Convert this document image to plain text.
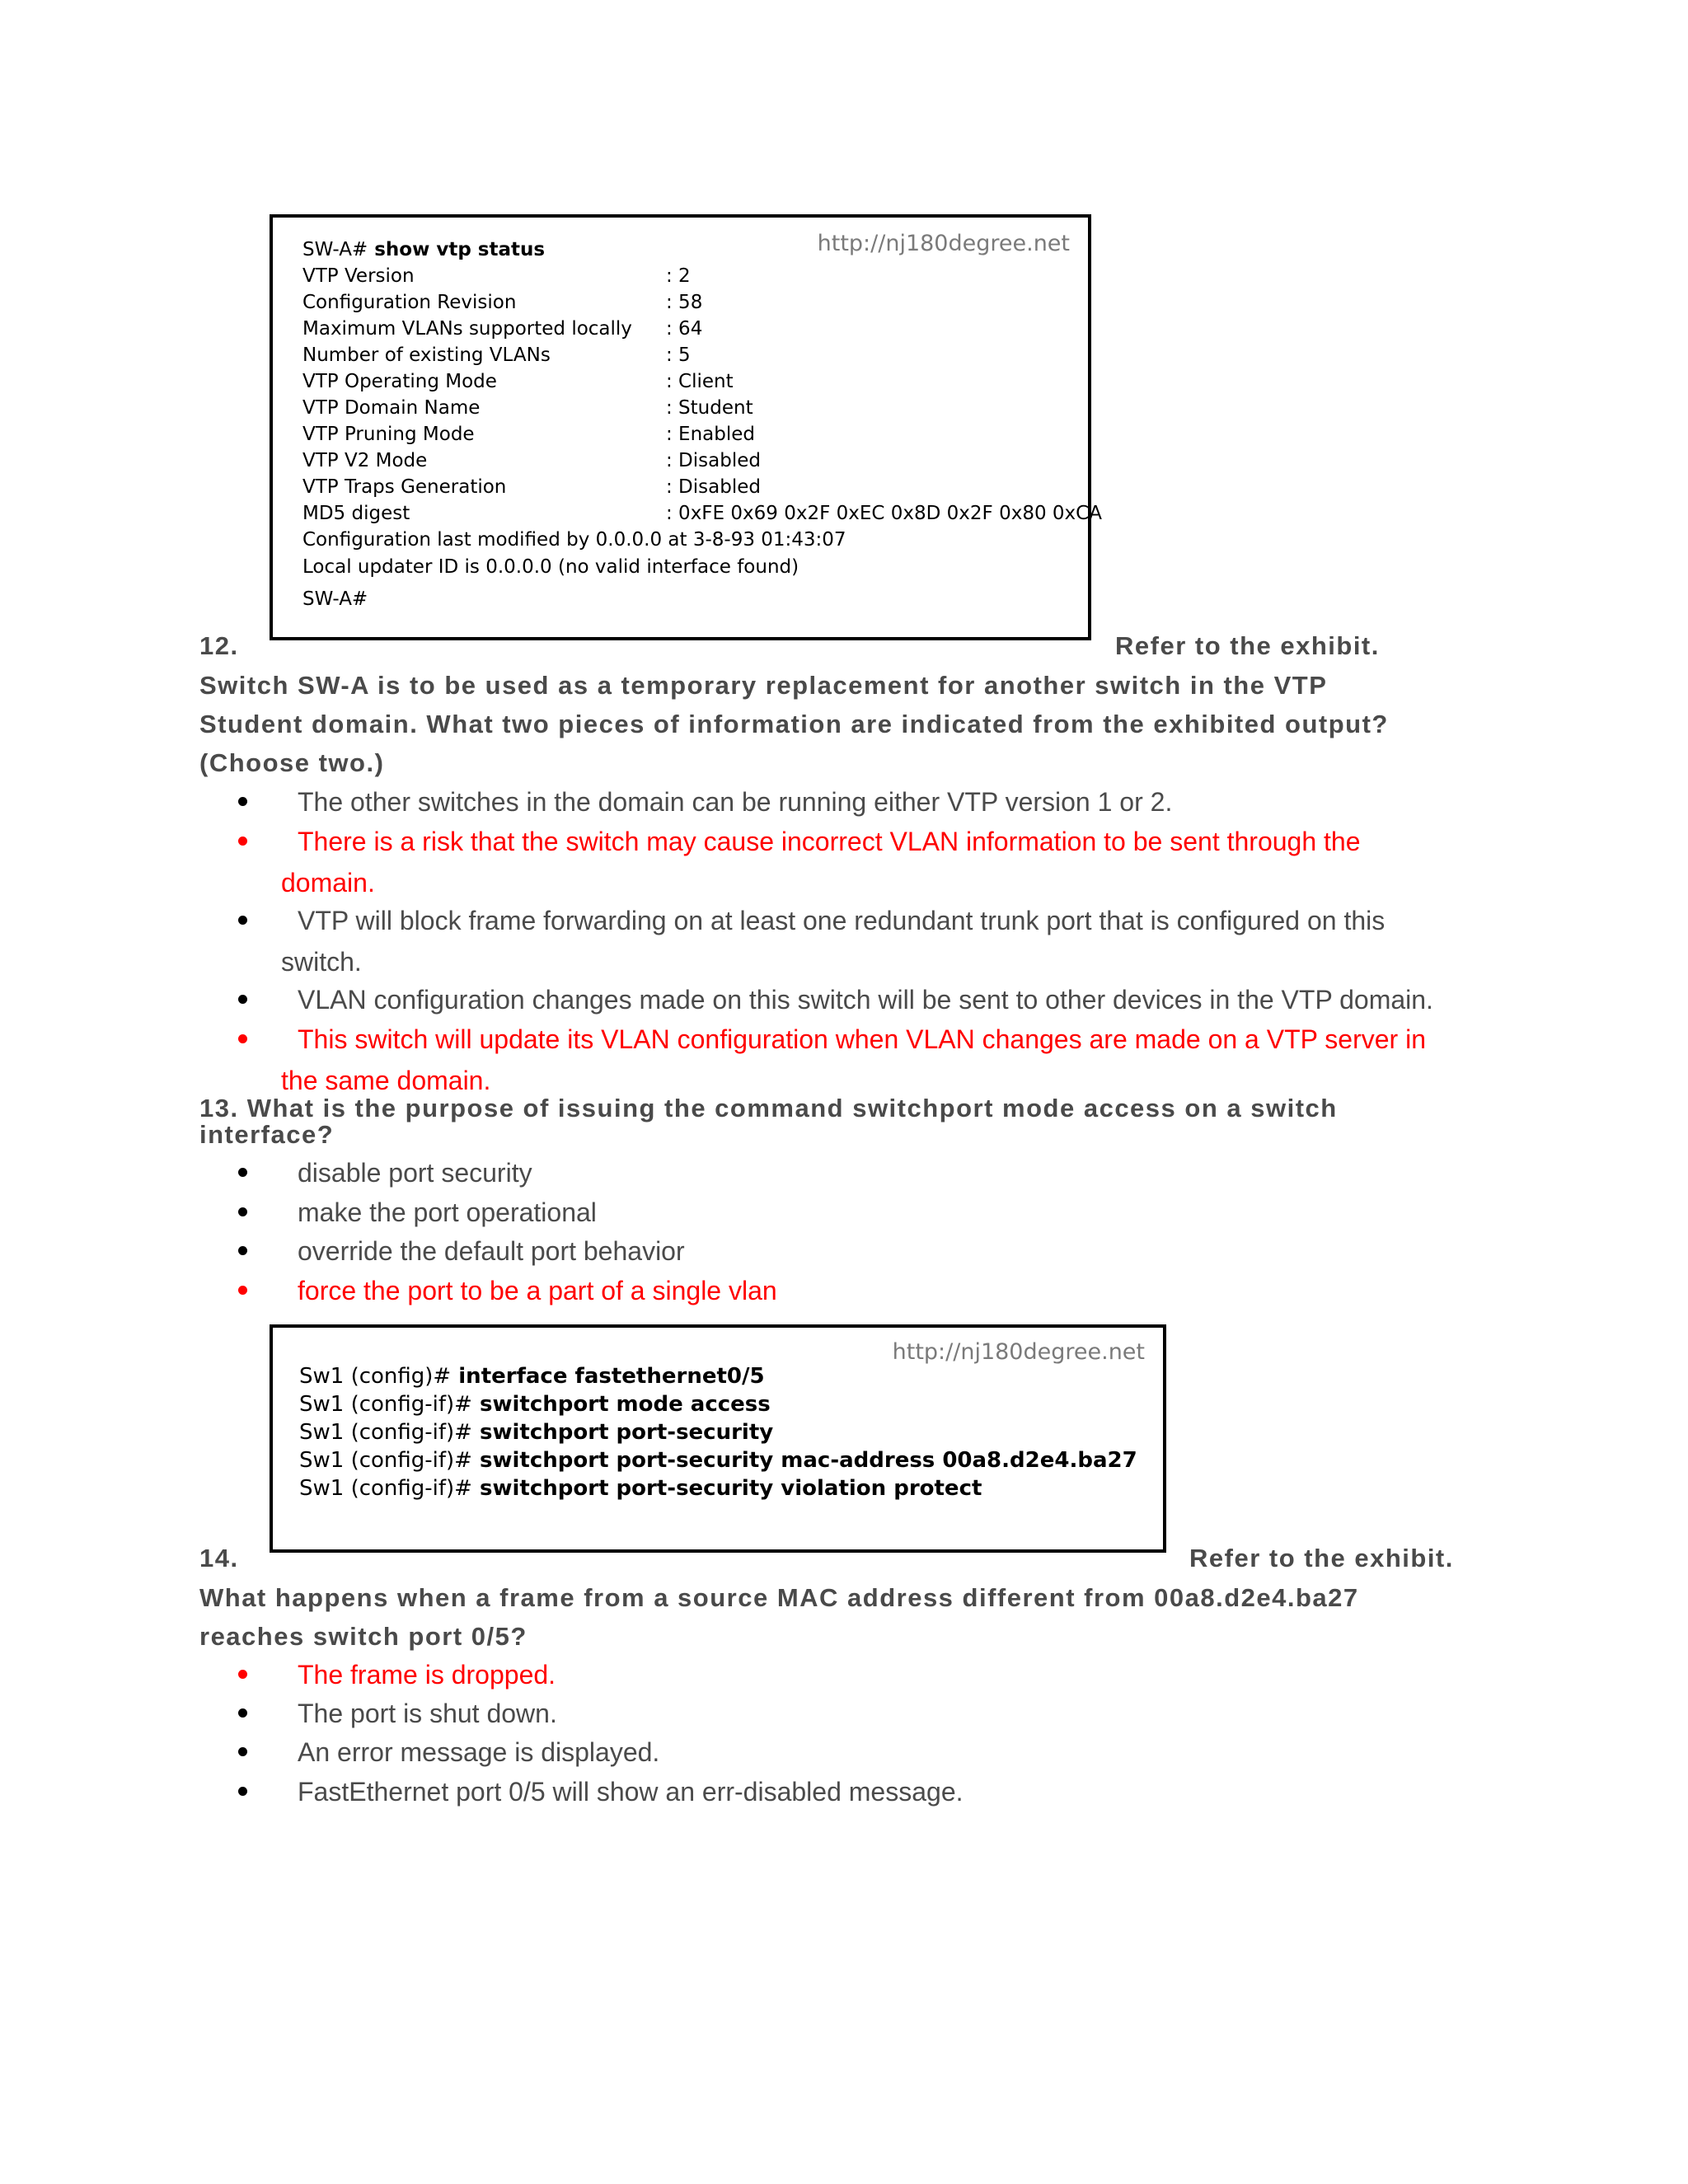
http://nj180degree.net
SW-A# show vtp status
VTP Version	: 2
Configuration Revision	: 58
Maximum VLANs supported locally : 64
Number of existing VLANs	: 5
VTP Operating Mode	: Client
VTP Domain Name	: Student
VTP Pruning Mode	: Enabled
VTP V2 Mode	: Disabled
VTP Traps Generation	: Disabled
MD5 digest	: 0xFE 0x69 0x2F 0xEC 0x8D 0x2F 0x80 0xCA
Configuration last modified by 0.0.0.0 at 3-8-93 01:43:07
Local updater ID is 0.0.0.0 (no valid interface found)
SW-A#
12.	Refer to the exhibit.
Switch SW-A is to be used as a temporary replacement for another switch in the VTP
Student domain. What two pieces of information are indicated from the exhibited output?
(Choose two.)
The other switches in the domain can be running either VTP version 1 or 2.
There is a risk that the switch may cause incorrect VLAN information to be sent through the
domain.
VTP will block frame forwarding on at least one redundant trunk port that is configured on this
switch.
VLAN configuration changes made on this switch will be sent to other devices in the VTP domain.
This switch will update its VLAN configuration when VLAN changes are made on a VTP server in
the same domain.
13. What is the purpose of issuing the command switchport mode access on a switch
interface?
disable port security
make the port operational
override the default port behavior
force the port to be a part of a single vlan
http://nj180degree.net
Sw1 (config)# interface fastethernet0/5
Sw1 (config-if)# switchport mode access
Sw1 (config-if)# switchport port-security
Sw1 (config-if)# switchport port-security mac-address 00a8.d2e4.ba27
Sw1 (config-if)# switchport port-security violation protect
14.	Refer to the exhibit.
What happens when a frame from a source MAC address different from 00a8.d2e4.ba27
reaches switch port 0/5?
The frame is dropped.
The port is shut down.
An error message is displayed.
FastEthernet port 0/5 will show an err-disabled message.
